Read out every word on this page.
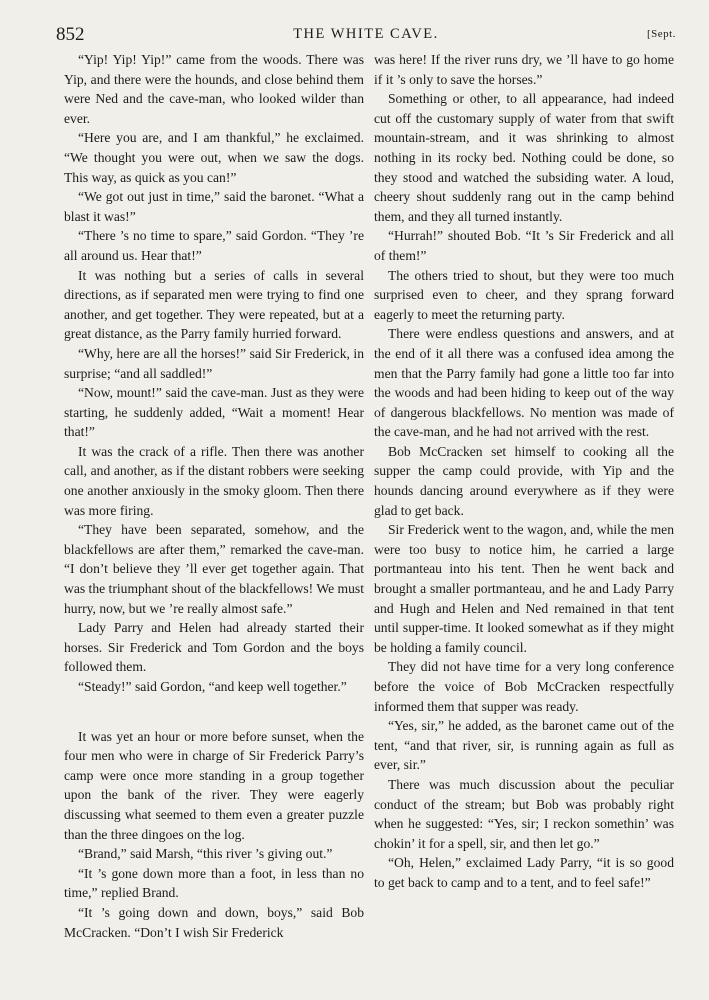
852	THE WHITE CAVE.	[Sept.

“Yip! Yip! Yip!” came from the woods. There was Yip, and there were the hounds, and close behind them were Ned and the cave-man, who looked wilder than ever.

“Here you are, and I am thankful,” he exclaimed. “We thought you were out, when we saw the dogs. This way, as quick as you can!”

“We got out just in time,” said the baronet. “What a blast it was!”

“There ’s no time to spare,” said Gordon. “They ’re all around us. Hear that!”

It was nothing but a series of calls in several directions, as if separated men were trying to find one another, and get together. They were repeated, but at a great distance, as the Parry family hurried forward.

“Why, here are all the horses!” said Sir Frederick, in surprise; “and all saddled!”

“Now, mount!” said the cave-man. Just as they were starting, he suddenly added, “Wait a moment! Hear that!”

It was the crack of a rifle. Then there was another call, and another, as if the distant robbers were seeking one another anxiously in the smoky gloom. Then there was more firing.

“They have been separated, somehow, and the blackfellows are after them,” remarked the cave-man. “I don’t believe they ’ll ever get together again. That was the triumphant shout of the blackfellows! We must hurry, now, but we ’re really almost safe.”

Lady Parry and Helen had already started their horses. Sir Frederick and Tom Gordon and the boys followed them.

“Steady!” said Gordon, “and keep well together.”

It was yet an hour or more before sunset, when the four men who were in charge of Sir Frederick Parry’s camp were once more standing in a group together upon the bank of the river. They were eagerly discussing what seemed to them even a greater puzzle than the three dingoes on the log.

“Brand,” said Marsh, “this river ’s giving out.”

“It ’s gone down more than a foot, in less than no time,” replied Brand.

“It ’s going down and down, boys,” said Bob McCracken. “Don’t I wish Sir Frederick

was here! If the river runs dry, we ’ll have to go home if it ’s only to save the horses.”

Something or other, to all appearance, had indeed cut off the customary supply of water from that swift mountain-stream, and it was shrinking to almost nothing in its rocky bed. Nothing could be done, so they stood and watched the subsiding water. A loud, cheery shout suddenly rang out in the camp behind them, and they all turned instantly.

“Hurrah!” shouted Bob. “It ’s Sir Frederick and all of them!”

The others tried to shout, but they were too much surprised even to cheer, and they sprang forward eagerly to meet the returning party.

There were endless questions and answers, and at the end of it all there was a confused idea among the men that the Parry family had gone a little too far into the woods and had been hiding to keep out of the way of dangerous blackfellows. No mention was made of the cave-man, and he had not arrived with the rest.

Bob McCracken set himself to cooking all the supper the camp could provide, with Yip and the hounds dancing around everywhere as if they were glad to get back.

Sir Frederick went to the wagon, and, while the men were too busy to notice him, he carried a large portmanteau into his tent. Then he went back and brought a smaller portmanteau, and he and Lady Parry and Hugh and Helen and Ned remained in that tent until supper-time. It looked somewhat as if they might be holding a family council.

They did not have time for a very long conference before the voice of Bob McCracken respectfully informed them that supper was ready.

“Yes, sir,” he added, as the baronet came out of the tent, “and that river, sir, is running again as full as ever, sir.”

There was much discussion about the peculiar conduct of the stream; but Bob was probably right when he suggested: “Yes, sir; I reckon somethin’ was chokin’ it for a spell, sir, and then let go.”

“Oh, Helen,” exclaimed Lady Parry, “it is so good to get back to camp and to a tent, and to feel safe!”
